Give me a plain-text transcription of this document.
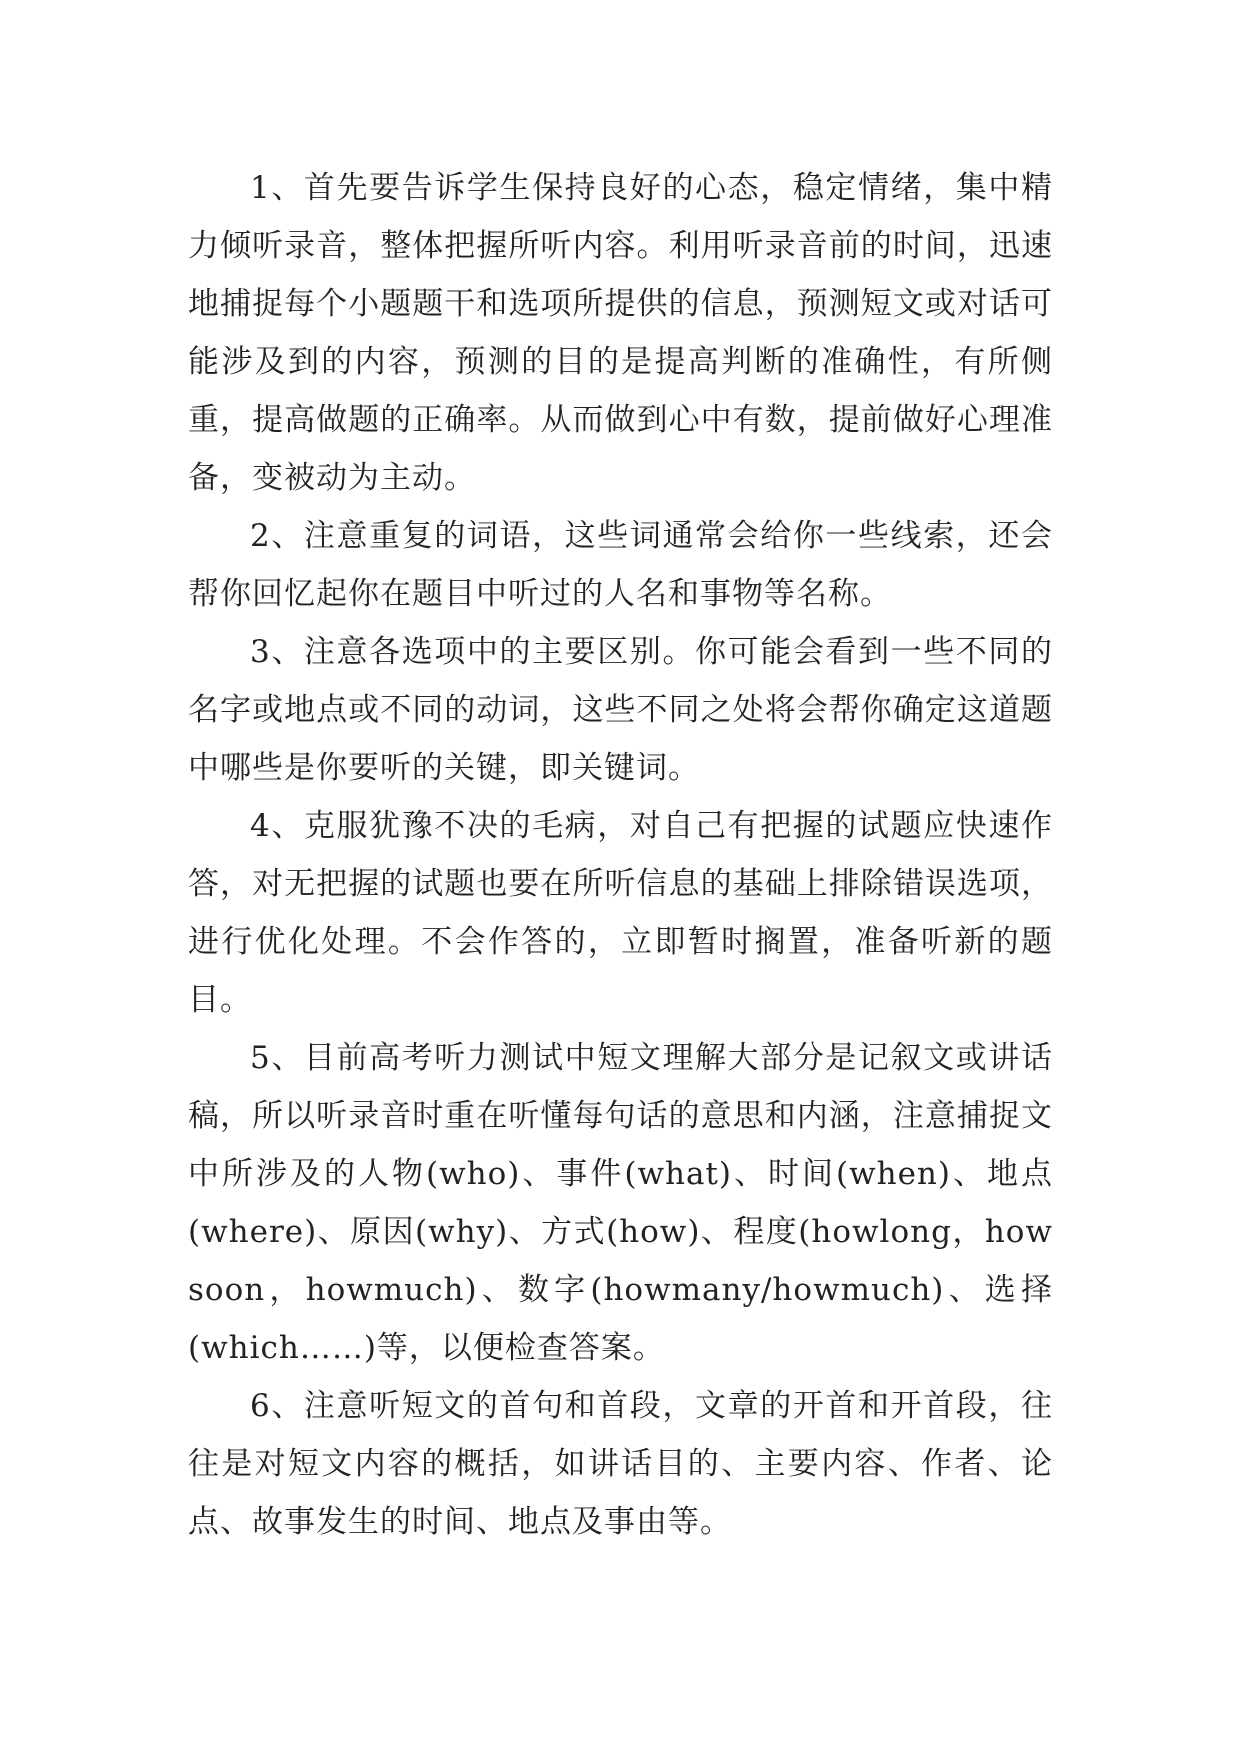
1、首先要告诉学生保持良好的心态，稳定情绪，集中精力倾听录音，整体把握所听内容。利用听录音前的时间，迅速地捕捉每个小题题干和选项所提供的信息，预测短文或对话可能涉及到的内容，预测的目的是提高判断的准确性，有所侧重，提高做题的正确率。从而做到心中有数，提前做好心理准备，变被动为主动。

2、注意重复的词语，这些词通常会给你一些线索，还会帮你回忆起你在题目中听过的人名和事物等名称。

3、注意各选项中的主要区别。你可能会看到一些不同的名字或地点或不同的动词，这些不同之处将会帮你确定这道题中哪些是你要听的关键，即关键词。

4、克服犹豫不决的毛病，对自己有把握的试题应快速作答，对无把握的试题也要在所听信息的基础上排除错误选项，进行优化处理。不会作答的，立即暂时搁置，准备听新的题目。

5、目前高考听力测试中短文理解大部分是记叙文或讲话稿，所以听录音时重在听懂每句话的意思和内涵，注意捕捉文中所涉及的人物(who)、事件(what)、时间(when)、地点(where)、原因(why)、方式(how)、程度(howlong，howsoon，howmuch)、数字(howmany/howmuch)、选择(which……)等，以便检查答案。

6、注意听短文的首句和首段，文章的开首和开首段，往往是对短文内容的概括，如讲话目的、主要内容、作者、论点、故事发生的时间、地点及事由等。
